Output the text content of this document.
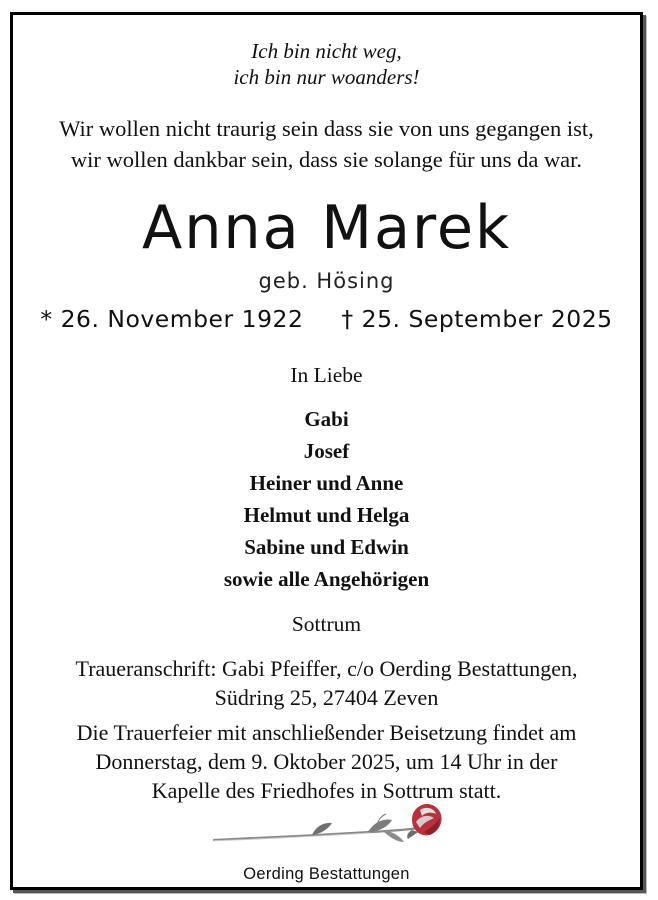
Ich bin nicht weg,
ich bin nur woanders!
Wir wollen nicht traurig sein dass sie von uns gegangen ist,
wir wollen dankbar sein, dass sie solange für uns da war.
Anna Marek
geb. Hösing
* 26. November 1922 † 25. September 2025
In Liebe
Gabi
Josef
Heiner und Anne
Helmut und Helga
Sabine und Edwin
sowie alle Angehörigen
Sottrum
Traueranschrift: Gabi Pfeiffer, c/o Oerding Bestattungen,
Südring 25, 27404 Zeven
Die Trauerfeier mit anschließender Beisetzung findet am
Donnerstag, dem 9. Oktober 2025, um 14 Uhr in der
Kapelle des Friedhofes in Sottrum statt.
Oerding Bestattungen
